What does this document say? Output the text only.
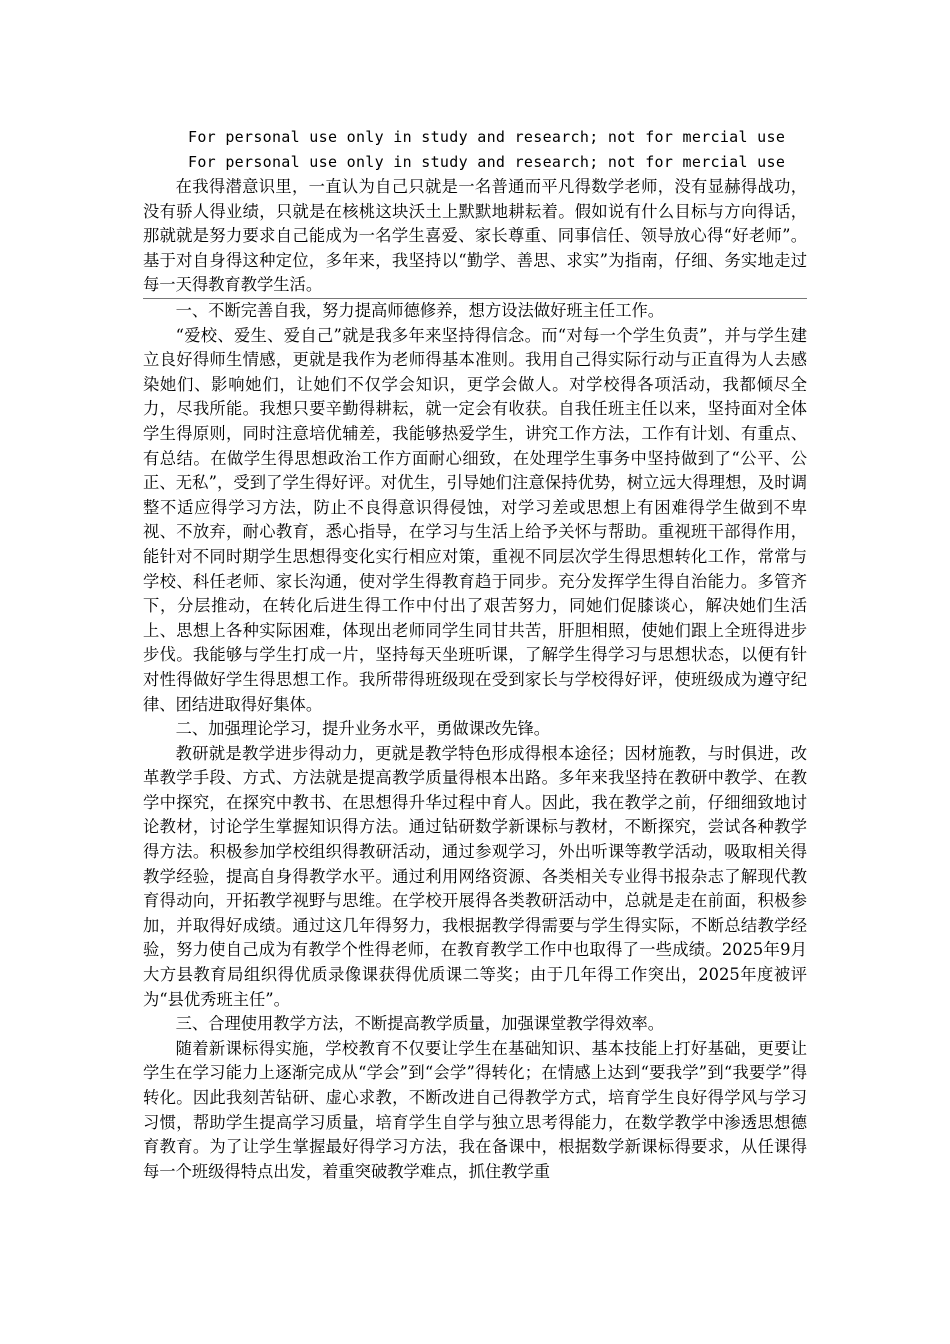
For personal use only in study and research; not for mercial use
For personal use only in study and research; not for mercial use

在我得潜意识里，一直认为自己只就是一名普通而平凡得数学老师，没有显赫得战功，没有骄人得业绩，只就是在核桃这块沃土上默默地耕耘着。假如说有什么目标与方向得话，那就就是努力要求自己能成为一名学生喜爱、家长尊重、同事信任、领导放心得“好老师”。基于对自身得这种定位，多年来，我坚持以“勤学、善思、求实”为指南，仔细、务实地走过每一天得教育教学生活。

一、不断完善自我，努力提高师德修养，想方设法做好班主任工作。

“爱校、爱生、爱自己”就是我多年来坚持得信念。而“对每一个学生负责”，并与学生建立良好得师生情感，更就是我作为老师得基本准则。我用自己得实际行动与正直得为人去感染她们、影响她们，让她们不仅学会知识，更学会做人。对学校得各项活动，我都倾尽全力，尽我所能。我想只要辛勤得耕耘，就一定会有收获。自我任班主任以来，坚持面对全体学生得原则，同时注意培优辅差，我能够热爱学生，讲究工作方法，工作有计划、有重点、有总结。在做学生得思想政治工作方面耐心细致，在处理学生事务中坚持做到了“公平、公正、无私”，受到了学生得好评。对优生，引导她们注意保持优势，树立远大得理想，及时调整不适应得学习方法，防止不良得意识得侵蚀，对学习差或思想上有困难得学生做到不卑视、不放弃，耐心教育，悉心指导，在学习与生活上给予关怀与帮助。重视班干部得作用，能针对不同时期学生思想得变化实行相应对策，重视不同层次学生得思想转化工作，常常与学校、科任老师、家长沟通，使对学生得教育趋于同步。充分发挥学生得自治能力。多管齐下，分层推动，在转化后进生得工作中付出了艰苦努力，同她们促膝谈心，解决她们生活上、思想上各种实际困难，体现出老师同学生同甘共苦，肝胆相照，使她们跟上全班得进步步伐。我能够与学生打成一片，坚持每天坐班听课，了解学生得学习与思想状态，以便有针对性得做好学生得思想工作。我所带得班级现在受到家长与学校得好评，使班级成为遵守纪律、团结进取得好集体。

二、加强理论学习，提升业务水平，勇做课改先锋。

教研就是教学进步得动力，更就是教学特色形成得根本途径；因材施教，与时俱进，改革教学手段、方式、方法就是提高教学质量得根本出路。多年来我坚持在教研中教学、在教学中探究，在探究中教书、在思想得升华过程中育人。因此，我在教学之前，仔细细致地讨论教材，讨论学生掌握知识得方法。通过钻研数学新课标与教材，不断探究，尝试各种教学得方法。积极参加学校组织得教研活动，通过参观学习，外出听课等教学活动，吸取相关得教学经验，提高自身得教学水平。通过利用网络资源、各类相关专业得书报杂志了解现代教育得动向，开拓教学视野与思维。在学校开展得各类教研活动中，总就是走在前面，积极参加，并取得好成绩。通过这几年得努力，我根据教学得需要与学生得实际，不断总结教学经验，努力使自己成为有教学个性得老师，在教育教学工作中也取得了一些成绩。2025年9月大方县教育局组织得优质录像课获得优质课二等奖；由于几年得工作突出，2025年度被评为“县优秀班主任”。

三、合理使用教学方法，不断提高教学质量，加强课堂教学得效率。

随着新课标得实施，学校教育不仅要让学生在基础知识、基本技能上打好基础，更要让学生在学习能力上逐渐完成从“学会”到“会学”得转化；在情感上达到“要我学”到“我要学”得转化。因此我刻苦钻研、虚心求教，不断改进自己得教学方式，培育学生良好得学风与学习习惯，帮助学生提高学习质量，培育学生自学与独立思考得能力，在数学教学中渗透思想德育教育。为了让学生掌握最好得学习方法，我在备课中，根据数学新课标得要求，从任课得每一个班级得特点出发，着重突破教学难点，抓住教学重
